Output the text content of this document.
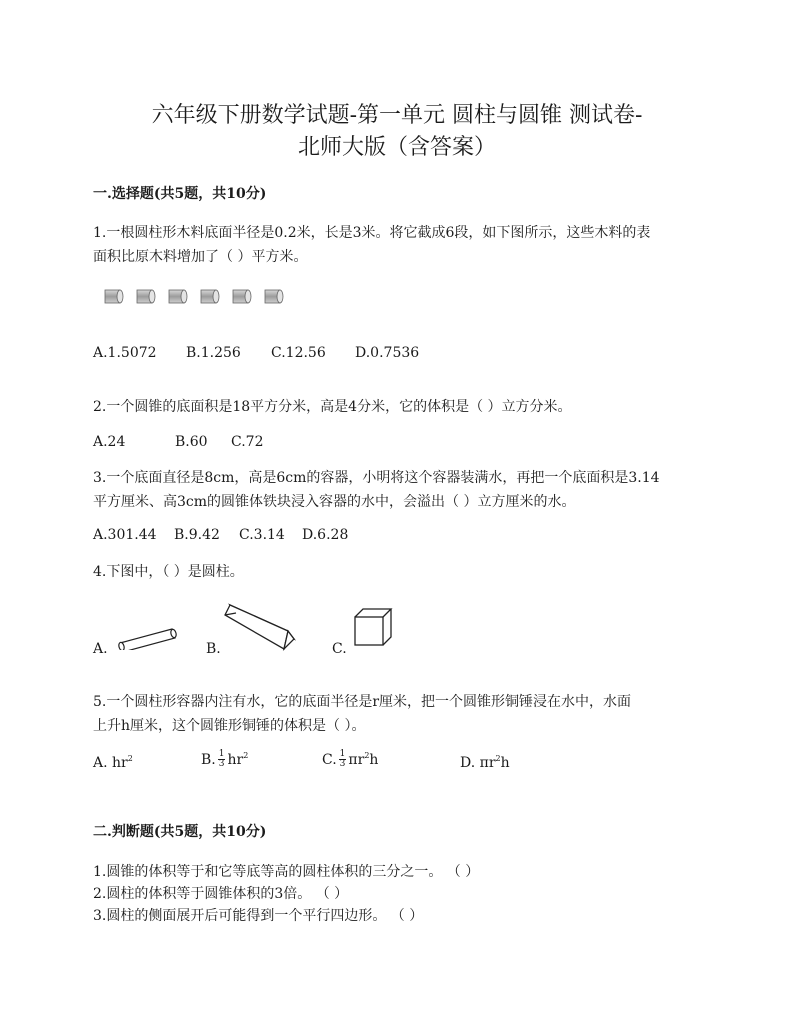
六年级下册数学试题-第一单元 圆柱与圆锥 测试卷-
北师大版（含答案）
一.选择题(共5题，共10分)
1.一根圆柱形木料底面半径是0.2米，长是3米。将它截成6段，如下图所示，这些木料的表
面积比原木料增加了（ ）平方米。
A.1.5072 B.1.256 C.12.56 D.0.7536
2.一个圆锥的底面积是18平方分米，高是4分米，它的体积是（ ）立方分米。
A.24	B.60 C.72
3.一个底面直径是8cm，高是6cm的容器，小明将这个容器装满水，再把一个底面积是3.14
平方厘米、高3cm的圆锥体铁块浸入容器的水中，会溢出（ ）立方厘米的水。
A.301.44 B.9.42 C.3.14 D.6.28
4.下图中，（ ）是圆柱。
A.	B.	C.
5.一个圆柱形容器内注有水，它的底面半径是r厘米，把一个圆锥形铜锤浸在水中，水面
上升h厘米，这个圆锥形铜锤的体积是（ ）。
A. $hr^2$	B. $\frac{1}{3} hr^2$	C. $\frac{1}{3} \pi r^2h$	D. $\pi r^2h$
二.判断题(共5题，共10分)
1.圆锥的体积等于和它等底等高的圆柱体积的三分之一。 （ ）
2.圆柱的体积等于圆锥体积的3倍。 （ ）
3.圆柱的侧面展开后可能得到一个平行四边形。 （ ）
